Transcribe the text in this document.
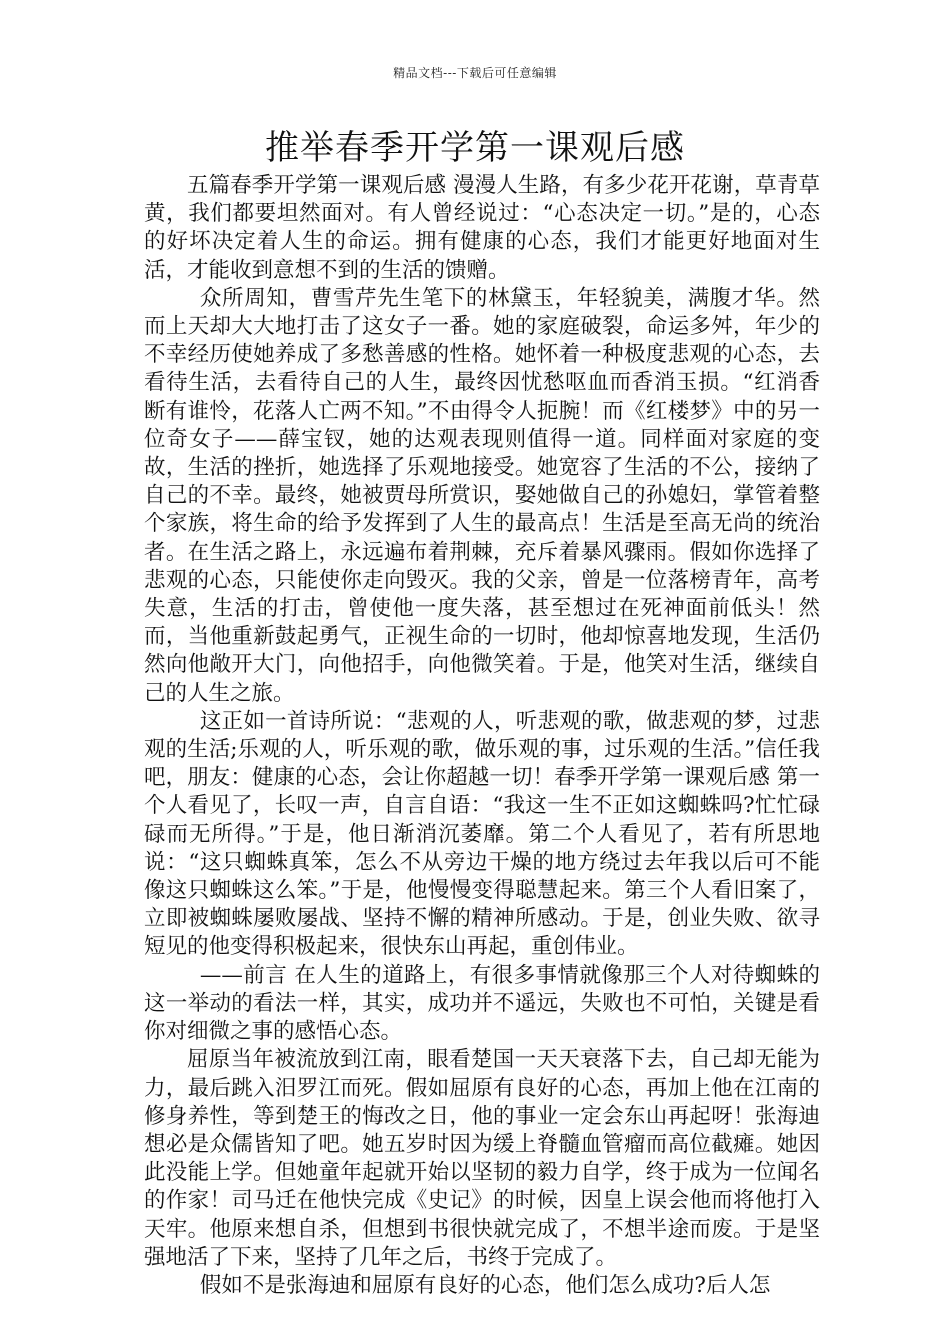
精品文档---下载后可任意编辑
推举春季开学第一课观后感

五篇春季开学第一课观后感 漫漫人生路，有多少花开花谢，草青草黄，我们都要坦然面对。有人曾经说过：“心态决定一切。”是的，心态的好坏决定着人生的命运。拥有健康的心态，我们才能更好地面对生活，才能收到意想不到的生活的馈赠。

众所周知，曹雪芹先生笔下的林黛玉，年轻貌美，满腹才华。然而上天却大大地打击了这女子一番。她的家庭破裂，命运多舛，年少的不幸经历使她养成了多愁善感的性格。她怀着一种极度悲观的心态，去看待生活，去看待自己的人生，最终因忧愁呕血而香消玉损。“红消香断有谁怜，花落人亡两不知。”不由得令人扼腕！而《红楼梦》中的另一位奇女子——薛宝钗，她的达观表现则值得一道。同样面对家庭的变故，生活的挫折，她选择了乐观地接受。她宽容了生活的不公，接纳了自己的不幸。最终，她被贾母所赏识，娶她做自己的孙媳妇，掌管着整个家族，将生命的给予发挥到了人生的最高点！生活是至高无尚的统治者。在生活之路上，永远遍布着荆棘，充斥着暴风骤雨。假如你选择了悲观的心态，只能使你走向毁灭。我的父亲，曾是一位落榜青年，高考失意，生活的打击，曾使他一度失落，甚至想过在死神面前低头！然而，当他重新鼓起勇气，正视生命的一切时，他却惊喜地发现，生活仍然向他敞开大门，向他招手，向他微笑着。于是，他笑对生活，继续自己的人生之旅。

这正如一首诗所说：“悲观的人，听悲观的歌，做悲观的梦，过悲观的生活;乐观的人，听乐观的歌，做乐观的事，过乐观的生活。”信任我吧，朋友：健康的心态，会让你超越一切！春季开学第一课观后感 第一个人看见了，长叹一声，自言自语：“我这一生不正如这蜘蛛吗?忙忙碌碌而无所得。”于是，他日渐消沉萎靡。第二个人看见了，若有所思地说：“这只蜘蛛真笨，怎么不从旁边干燥的地方绕过去年我以后可不能像这只蜘蛛这么笨。”于是，他慢慢变得聪慧起来。第三个人看旧案了，立即被蜘蛛屡败屡战、坚持不懈的精神所感动。于是，创业失败、欲寻短见的他变得积极起来，很快东山再起，重创伟业。

——前言 在人生的道路上，有很多事情就像那三个人对待蜘蛛的这一举动的看法一样，其实，成功并不遥远，失败也不可怕，关键是看你对细微之事的感悟心态。

屈原当年被流放到江南，眼看楚国一天天衰落下去，自己却无能为力，最后跳入汨罗江而死。假如屈原有良好的心态，再加上他在江南的修身养性，等到楚王的悔改之日，他的事业一定会东山再起呀！张海迪想必是众儒皆知了吧。她五岁时因为缓上脊髓血管瘤而高位截瘫。她因此没能上学。但她童年起就开始以坚韧的毅力自学，终于成为一位闻名的作家！司马迁在他快完成《史记》的时候，因皇上误会他而将他打入天牢。他原来想自杀，但想到书很快就完成了，不想半途而废。于是坚强地活了下来，坚持了几年之后，书终于完成了。

假如不是张海迪和屈原有良好的心态，他们怎么成功?后人怎
